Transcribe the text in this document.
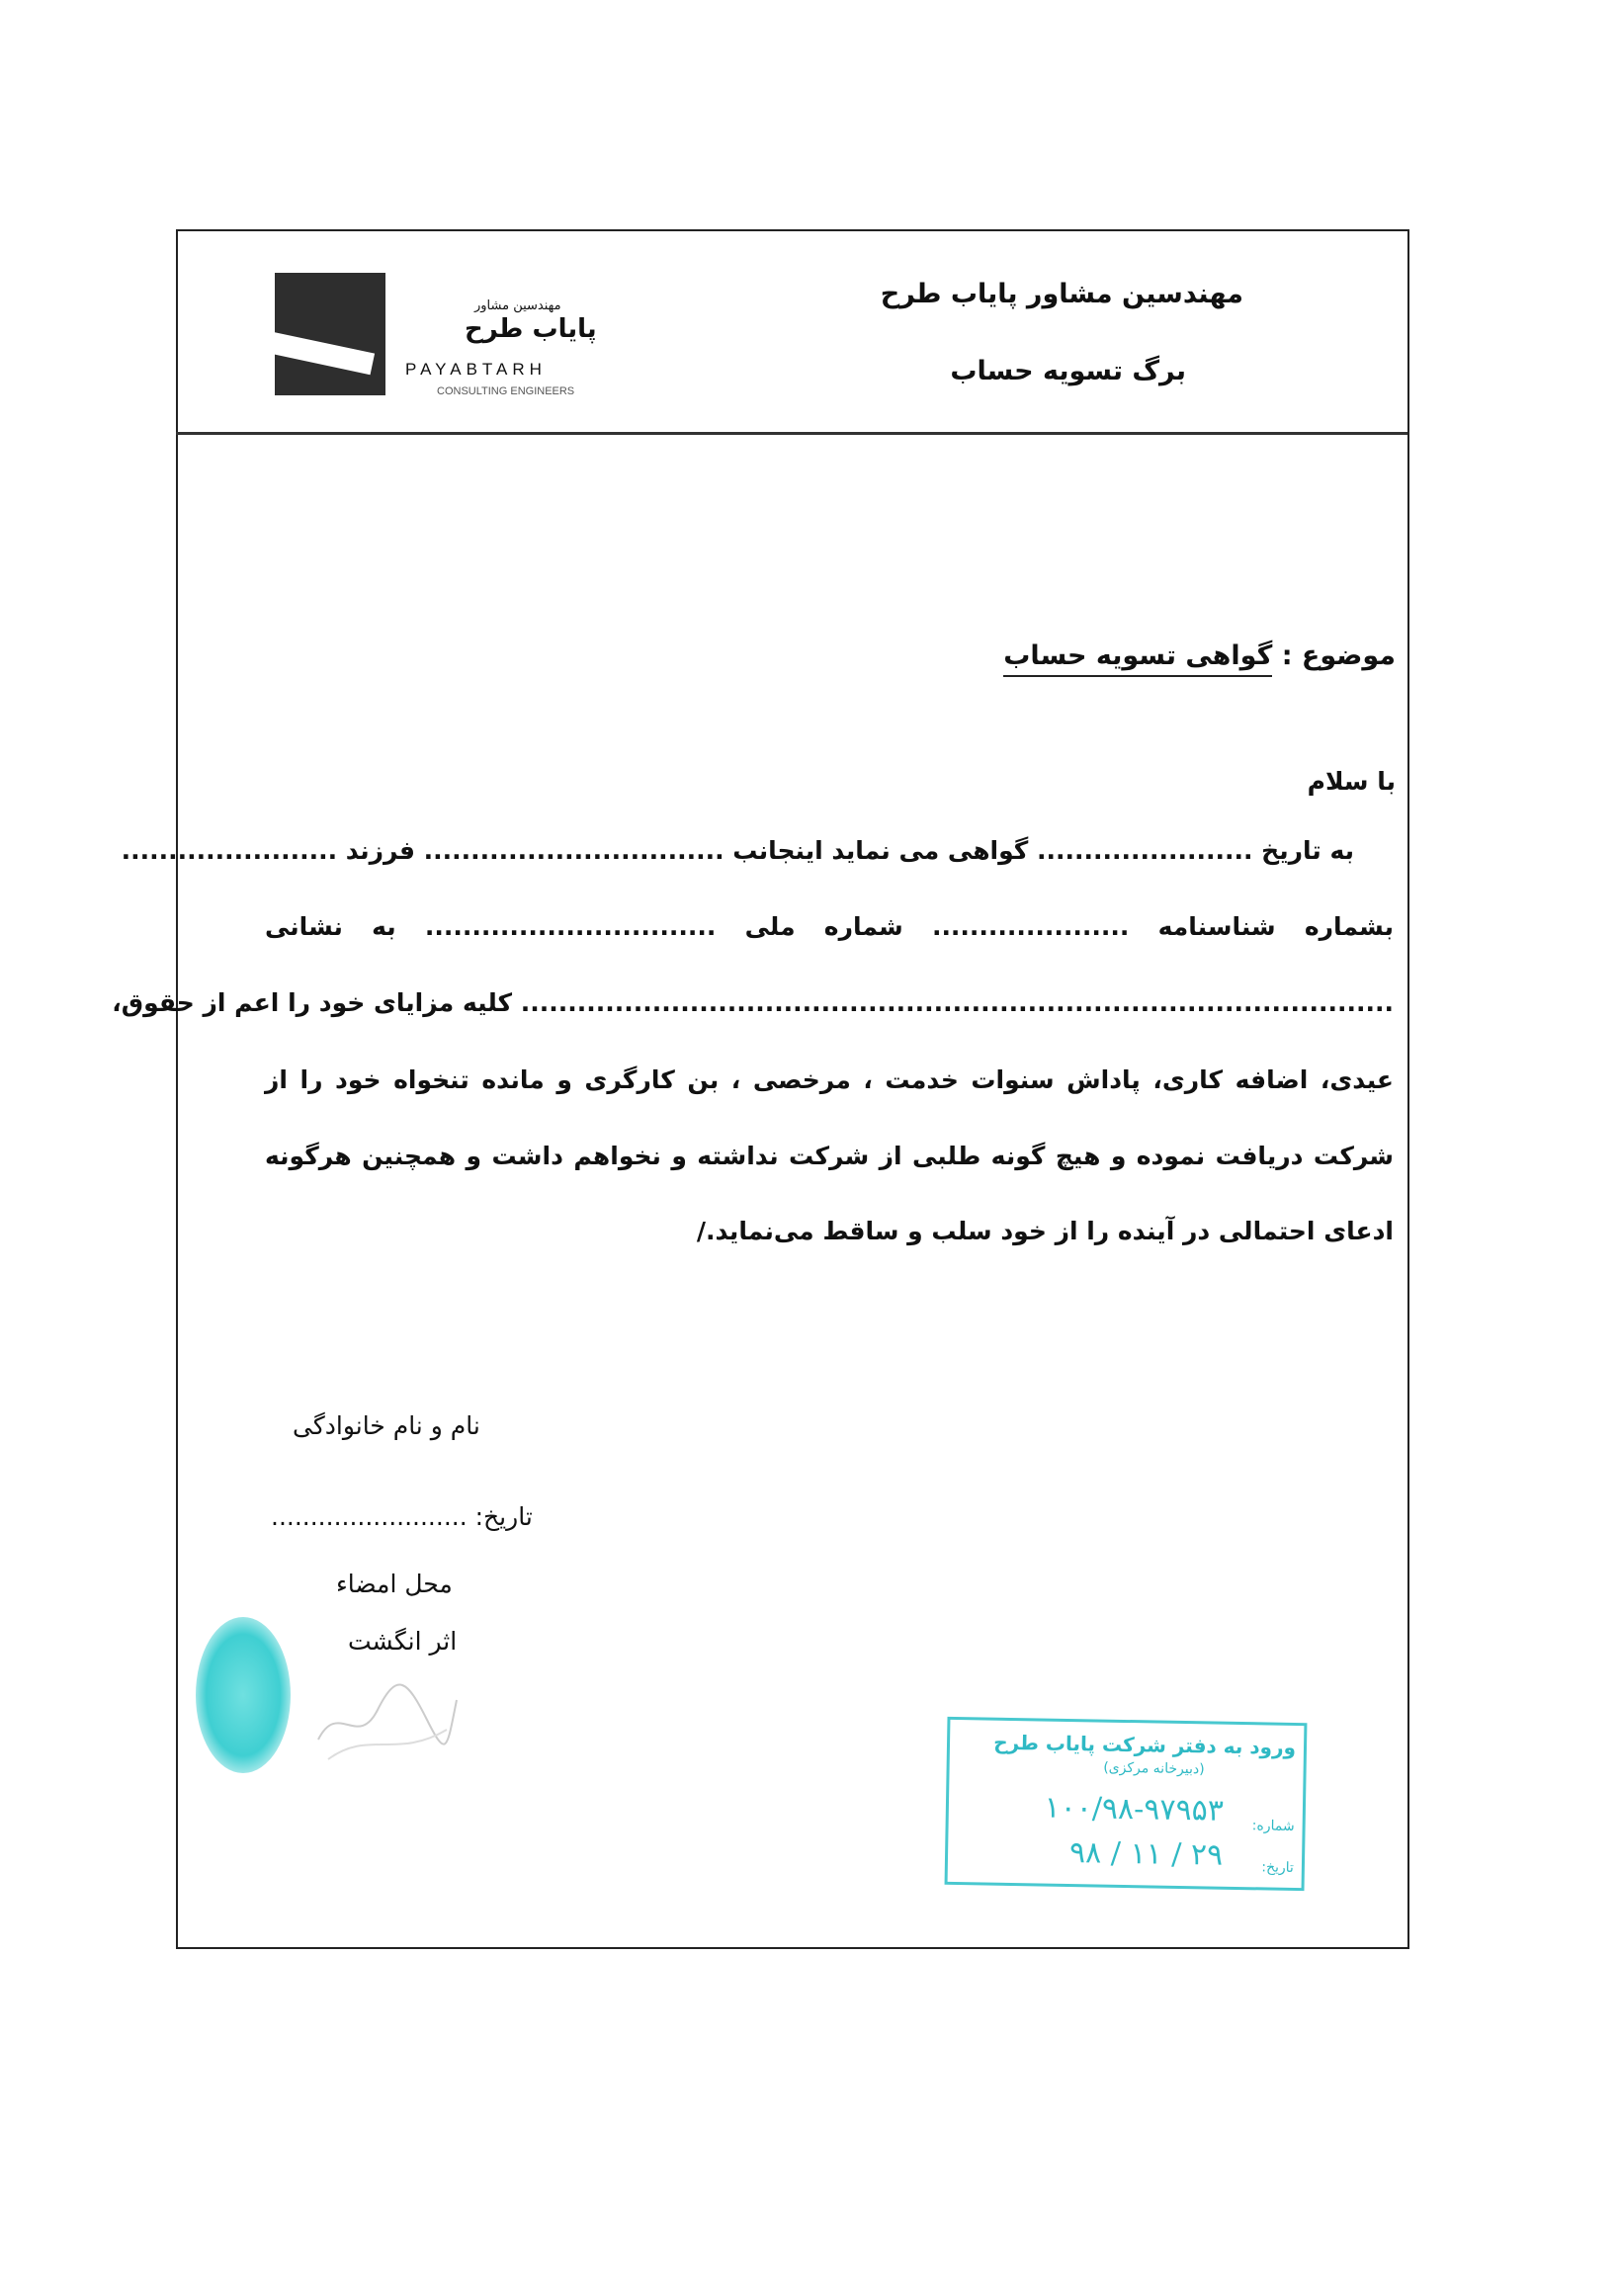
مهندسین مشاور
پایاب طرح
PAYABTARH
CONSULTING ENGINEERS
مهندسین مشاور پایاب طرح
برگ تسویه حساب
موضوع : گواهی تسویه حساب
با سلام
به تاریخ ....................... گواهی می نماید اینجانب ................................ فرزند .......................
بشماره شناسنامه ..................... شماره ملی ............................... به نشانی
............................................................................................. کلیه مزایای خود را اعم از حقوق،
عیدی، اضافه کاری، پاداش سنوات خدمت ، مرخصی ، بن کارگری و مانده تنخواه خود را از
شرکت دریافت نموده و هیچ گونه طلبی از شرکت نداشته و نخواهم داشت و همچنین هرگونه
ادعای احتمالی در آینده را از خود سلب و ساقط می‌نماید./
نام و نام خانوادگی
تاریخ: .........................
محل امضاء
اثر انگشت
ورود به دفتر شرکت پایاب طرح
(دبیرخانه مرکزی)
شماره:
۱۰۰/۹۸-۹۷۹۵۳
تاریخ:
۹۸ / ۱۱ / ۲۹
